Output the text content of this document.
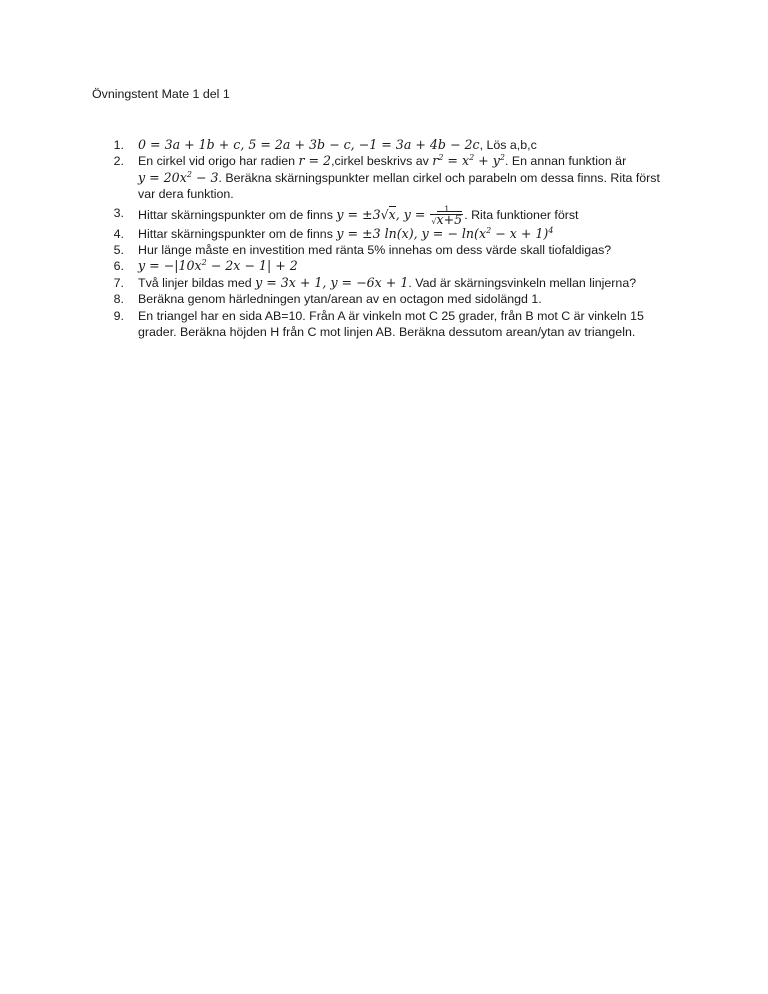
Övningstent Mate 1 del 1
1. 0 = 3a + 1b + c, 5 = 2a + 3b − c, −1 = 3a + 4b − 2c, Lös a,b,c
2. En cirkel vid origo har radien r = 2,cirkel beskrivs av $r^2 = x^2 + y^2$. En annan funktion är
$y = 20x^2 - 3$. Beräkna skärningspunkter mellan cirkel och parabeln om dessa finns. Rita först var dera funktion.
3. Hittar skärningspunkter om de finns y = ±3√x, $y = \frac{1}{√x+5}$ . Rita funktioner först
4. Hittar skärningspunkter om de finns y = ±3 ln(x), y = − $\ln(x^2 - x + 1)^4$
5. Hur länge måste en investition med ränta 5% innehas om dess värde skall tiofaldigas?
6. $y = -|10x^2 - 2x - 1| + 2$
7. Två linjer bildas med y = 3x + 1, y = −6x + 1. Vad är skärningsvinkeln mellan linjerna?
8. Beräkna genom härledningen ytan/arean av en octagon med sidolängd 1.
9. En triangel har en sida AB=10. Från A är vinkeln mot C 25 grader, från B mot C är vinkeln 15 grader. Beräkna höjden H från C mot linjen AB. Beräkna dessutom arean/ytan av triangeln.
